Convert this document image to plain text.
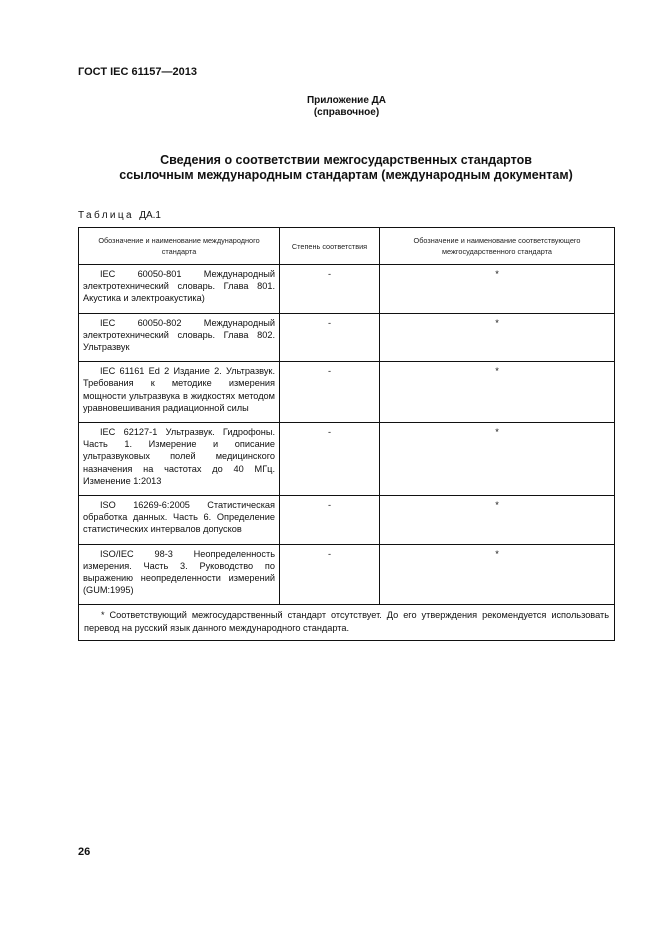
ГОСТ IEC 61157—2013
Приложение ДА
(справочное)
Сведения о соответствии межгосударственных стандартов
ссылочным международным стандартам (международным документам)
Таблица ДА.1
Обозначение и наименование международного стандарта	Степень соответствия	Обозначение и наименование соответствующего межгосударственного стандарта
IEC 60050-801 Международный электротехнический словарь. Глава 801. Акустика и электроакустика)	-	*
IEC 60050-802 Международный электротехнический словарь. Глава 802. Ультразвук	-	*
IEC 61161 Ed 2 Издание 2. Ультразвук. Требования к методике измерения мощности ультразвука в жидкостях методом уравновешивания радиационной силы	-	*
IEC 62127-1 Ультразвук. Гидрофоны. Часть 1. Измерение и описание ультразвуковых полей медицинского назначения на частотах до 40 МГц. Изменение 1:2013	-	*
ISO 16269-6:2005 Статистическая обработка данных. Часть 6. Определение статистических интервалов допусков	-	*
ISO/IEC 98-3 Неопределенность измерения. Часть 3. Руководство по выражению неопределенности измерений (GUM:1995)	-	*
* Соответствующий межгосударственный стандарт отсутствует. До его утверждения рекомендуется использовать перевод на русский язык данного международного стандарта.		
26
